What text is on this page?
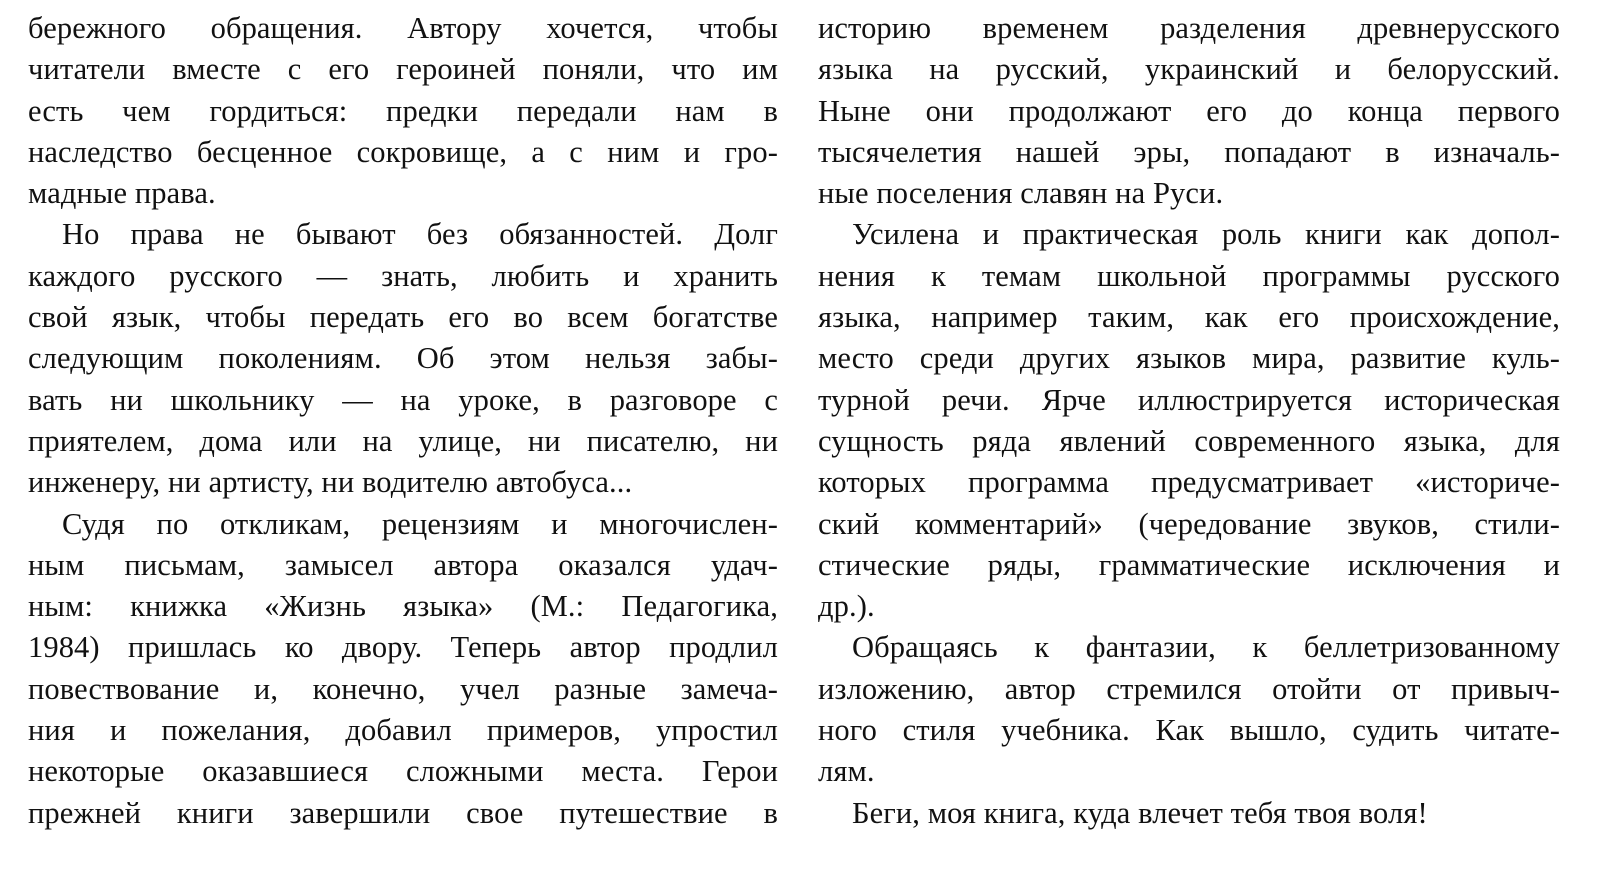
бережного обращения. Автору хочется, чтобы
читатели вместе с его героиней поняли, что им
есть чем гордиться: предки передали нам в
наследство бесценное сокровище, а с ним и гро-
мадные права.
Но права не бывают без обязанностей. Долг
каждого русского — знать, любить и хранить
свой язык, чтобы передать его во всем богатстве
следующим поколениям. Об этом нельзя забы-
вать ни школьнику — на уроке, в разговоре с
приятелем, дома или на улице, ни писателю, ни
инженеру, ни артисту, ни водителю автобуса...
Судя по откликам, рецензиям и многочислен-
ным письмам, замысел автора оказался удач-
ным: книжка «Жизнь языка» (М.: Педагогика,
1984) пришлась ко двору. Теперь автор продлил
повествование и, конечно, учел разные замеча-
ния и пожелания, добавил примеров, упростил
некоторые оказавшиеся сложными места. Герои
прежней книги завершили свое путешествие в
историю временем разделения древнерусского
языка на русский, украинский и белорусский.
Ныне они продолжают его до конца первого
тысячелетия нашей эры, попадают в изначаль-
ные поселения славян на Руси.
Усилена и практическая роль книги как допол-
нения к темам школьной программы русского
языка, например таким, как его происхождение,
место среди других языков мира, развитие куль-
турной речи. Ярче иллюстрируется историческая
сущность ряда явлений современного языка, для
которых программа предусматривает «историче-
ский комментарий» (чередование звуков, стили-
стические ряды, грамматические исключения и
др.).
Обращаясь к фантазии, к беллетризованному
изложению, автор стремился отойти от привыч-
ного стиля учебника. Как вышло, судить читате-
лям.
Беги, моя книга, куда влечет тебя твоя воля!
